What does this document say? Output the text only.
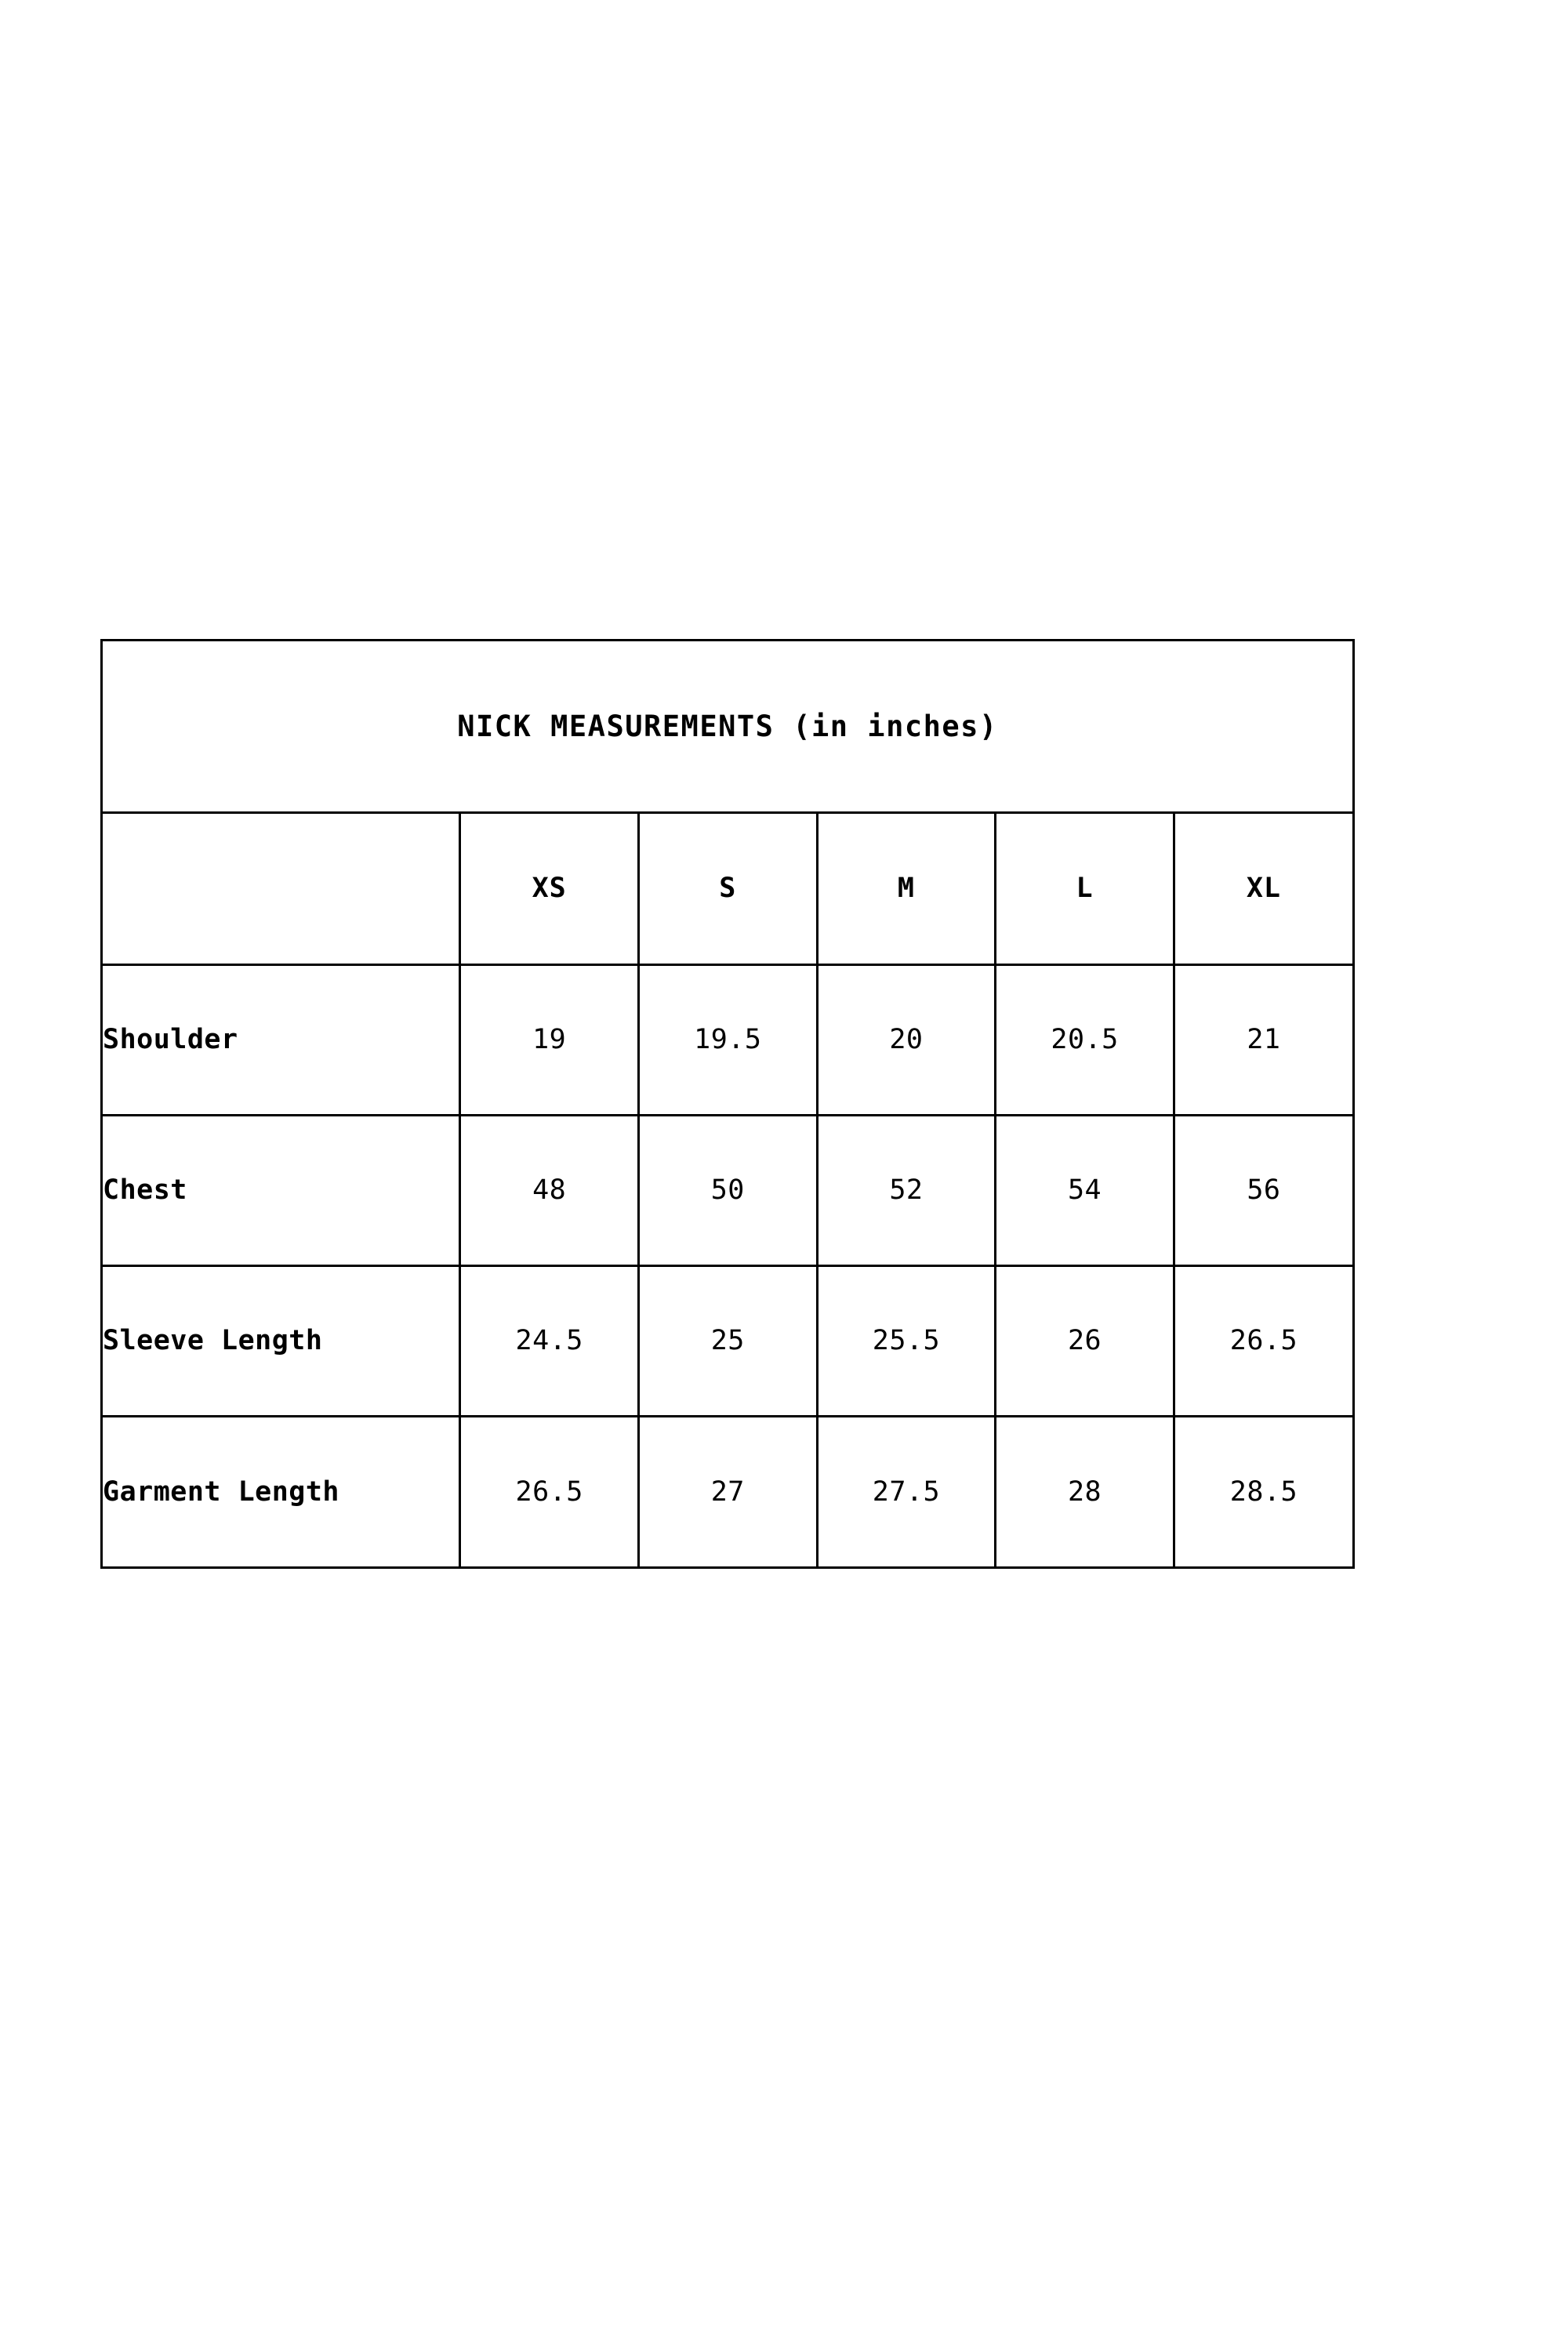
NICK MEASUREMENTS (in inches)
	XS	S	M	L	XL
Shoulder	19	19.5	20	20.5	21
Chest	48	50	52	54	56
Sleeve Length	24.5	25	25.5	26	26.5
Garment Length	26.5	27	27.5	28	28.5
